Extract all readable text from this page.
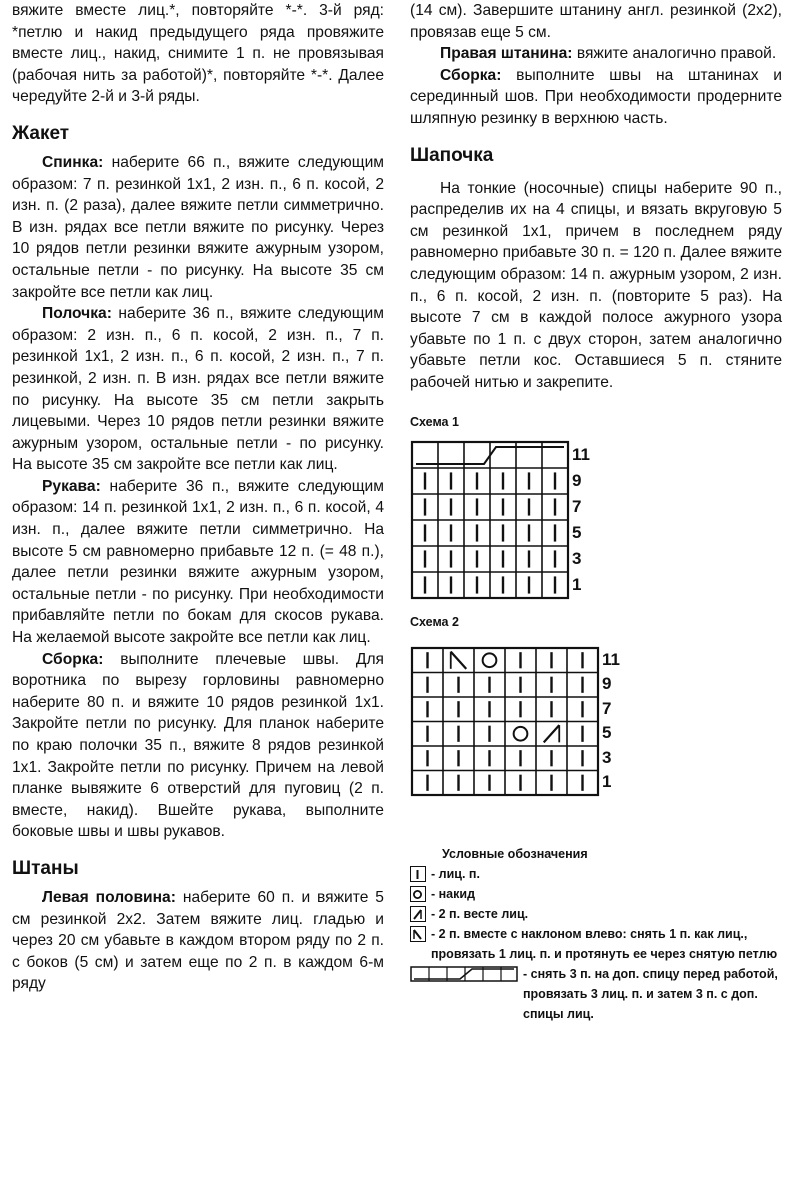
вяжите вместе лиц.*, повторяйте *-*. 3-й ряд: *петлю и накид предыдущего ряда провяжите вместе лиц., накид, снимите 1 п. не провязывая (рабочая нить за работой)*, повторяйте *-*. Далее чередуйте 2-й и 3-й ряды.

Жакет

Спинка: наберите 66 п., вяжите следующим образом: 7 п. резинкой 1х1, 2 изн. п., 6 п. косой, 2 изн. п. (2 раза), далее вяжите петли симметрично. В изн. рядах все петли вяжите по рисунку. Через 10 рядов петли резинки вяжите ажурным узором, остальные петли - по рисунку. На высоте 35 см закройте все петли как лиц.

Полочка: наберите 36 п., вяжите следующим образом: 2 изн. п., 6 п. косой, 2 изн. п., 7 п. резинкой 1х1, 2 изн. п., 6 п. косой, 2 изн. п., 7 п. резинкой, 2 изн. п. В изн. рядах все петли вяжите по рисунку. На высоте 35 см петли закрыть лицевыми. Через 10 рядов петли резинки вяжите ажурным узором, остальные петли - по рисунку. На высоте 35 см закройте все петли как лиц.

Рукава: наберите 36 п., вяжите следующим образом: 14 п. резинкой 1х1, 2 изн. п., 6 п. косой, 4 изн. п., далее вяжите петли симметрично. На высоте 5 см равномерно прибавьте 12 п. (= 48 п.), далее петли резинки вяжите ажурным узором, остальные петли - по рисунку. При необходимости прибавляйте петли по бокам для скосов рукава. На желаемой высоте закройте все петли как лиц.

Сборка: выполните плечевые швы. Для воротника по вырезу горловины равномерно наберите 80 п. и вяжите 10 рядов резинкой 1х1. Закройте петли по рисунку. Для планок наберите по краю полочки 35 п., вяжите 8 рядов резинкой 1х1. Закройте петли по рисунку. Причем на левой планке вывяжите 6 отверстий для пуговиц (2 п. вместе, накид). Вшейте рукава, выполните боковые швы и швы рукавов.

Штаны

Левая половина: наберите 60 п. и вяжите 5 см резинкой 2х2. Затем вяжите лиц. гладью и через 20 см убавьте в каждом втором ряду по 2 п. с боков (5 см) и затем еще по 2 п. в каждом 6-м ряду

(14 см). Завершите штанину англ. резинкой (2х2), провязав еще 5 см.

Правая штанина: вяжите аналогично правой.

Сборка: выполните швы на штанинах и серединный шов. При необходимости продерните шляпную резинку в верхнюю часть.

Шапочка

На тонкие (носочные) спицы наберите 90 п., распределив их на 4 спицы, и вязать вкруговую 5 см резинкой 1х1, причем в последнем ряду равномерно прибавьте 30 п. = 120 п. Далее вяжите следующим образом: 14 п. ажурным узором, 2 изн. п., 6 п. косой, 2 изн. п. (повторите 5 раз). На высоте 7 см в каждой полосе ажурного узора убавьте по 1 п. с двух сторон, затем аналогично убавьте петли кос. Оставшиеся 5 п. стяните рабочей нитью и закрепите.

Схема 1
11
9
7
5
3
1
Схема 2
11
9
7
5
3
1
Условные обозначения
- лиц. п.
- накид
- 2 п. весте лиц.
- 2 п. вместе с наклоном влево: снять 1 п. как лиц., провязать 1 лиц. п. и протянуть ее через снятую петлю
- снять 3 п. на доп. спицу перед работой, провязать 3 лиц. п. и затем 3 п. с доп. спицы лиц.
